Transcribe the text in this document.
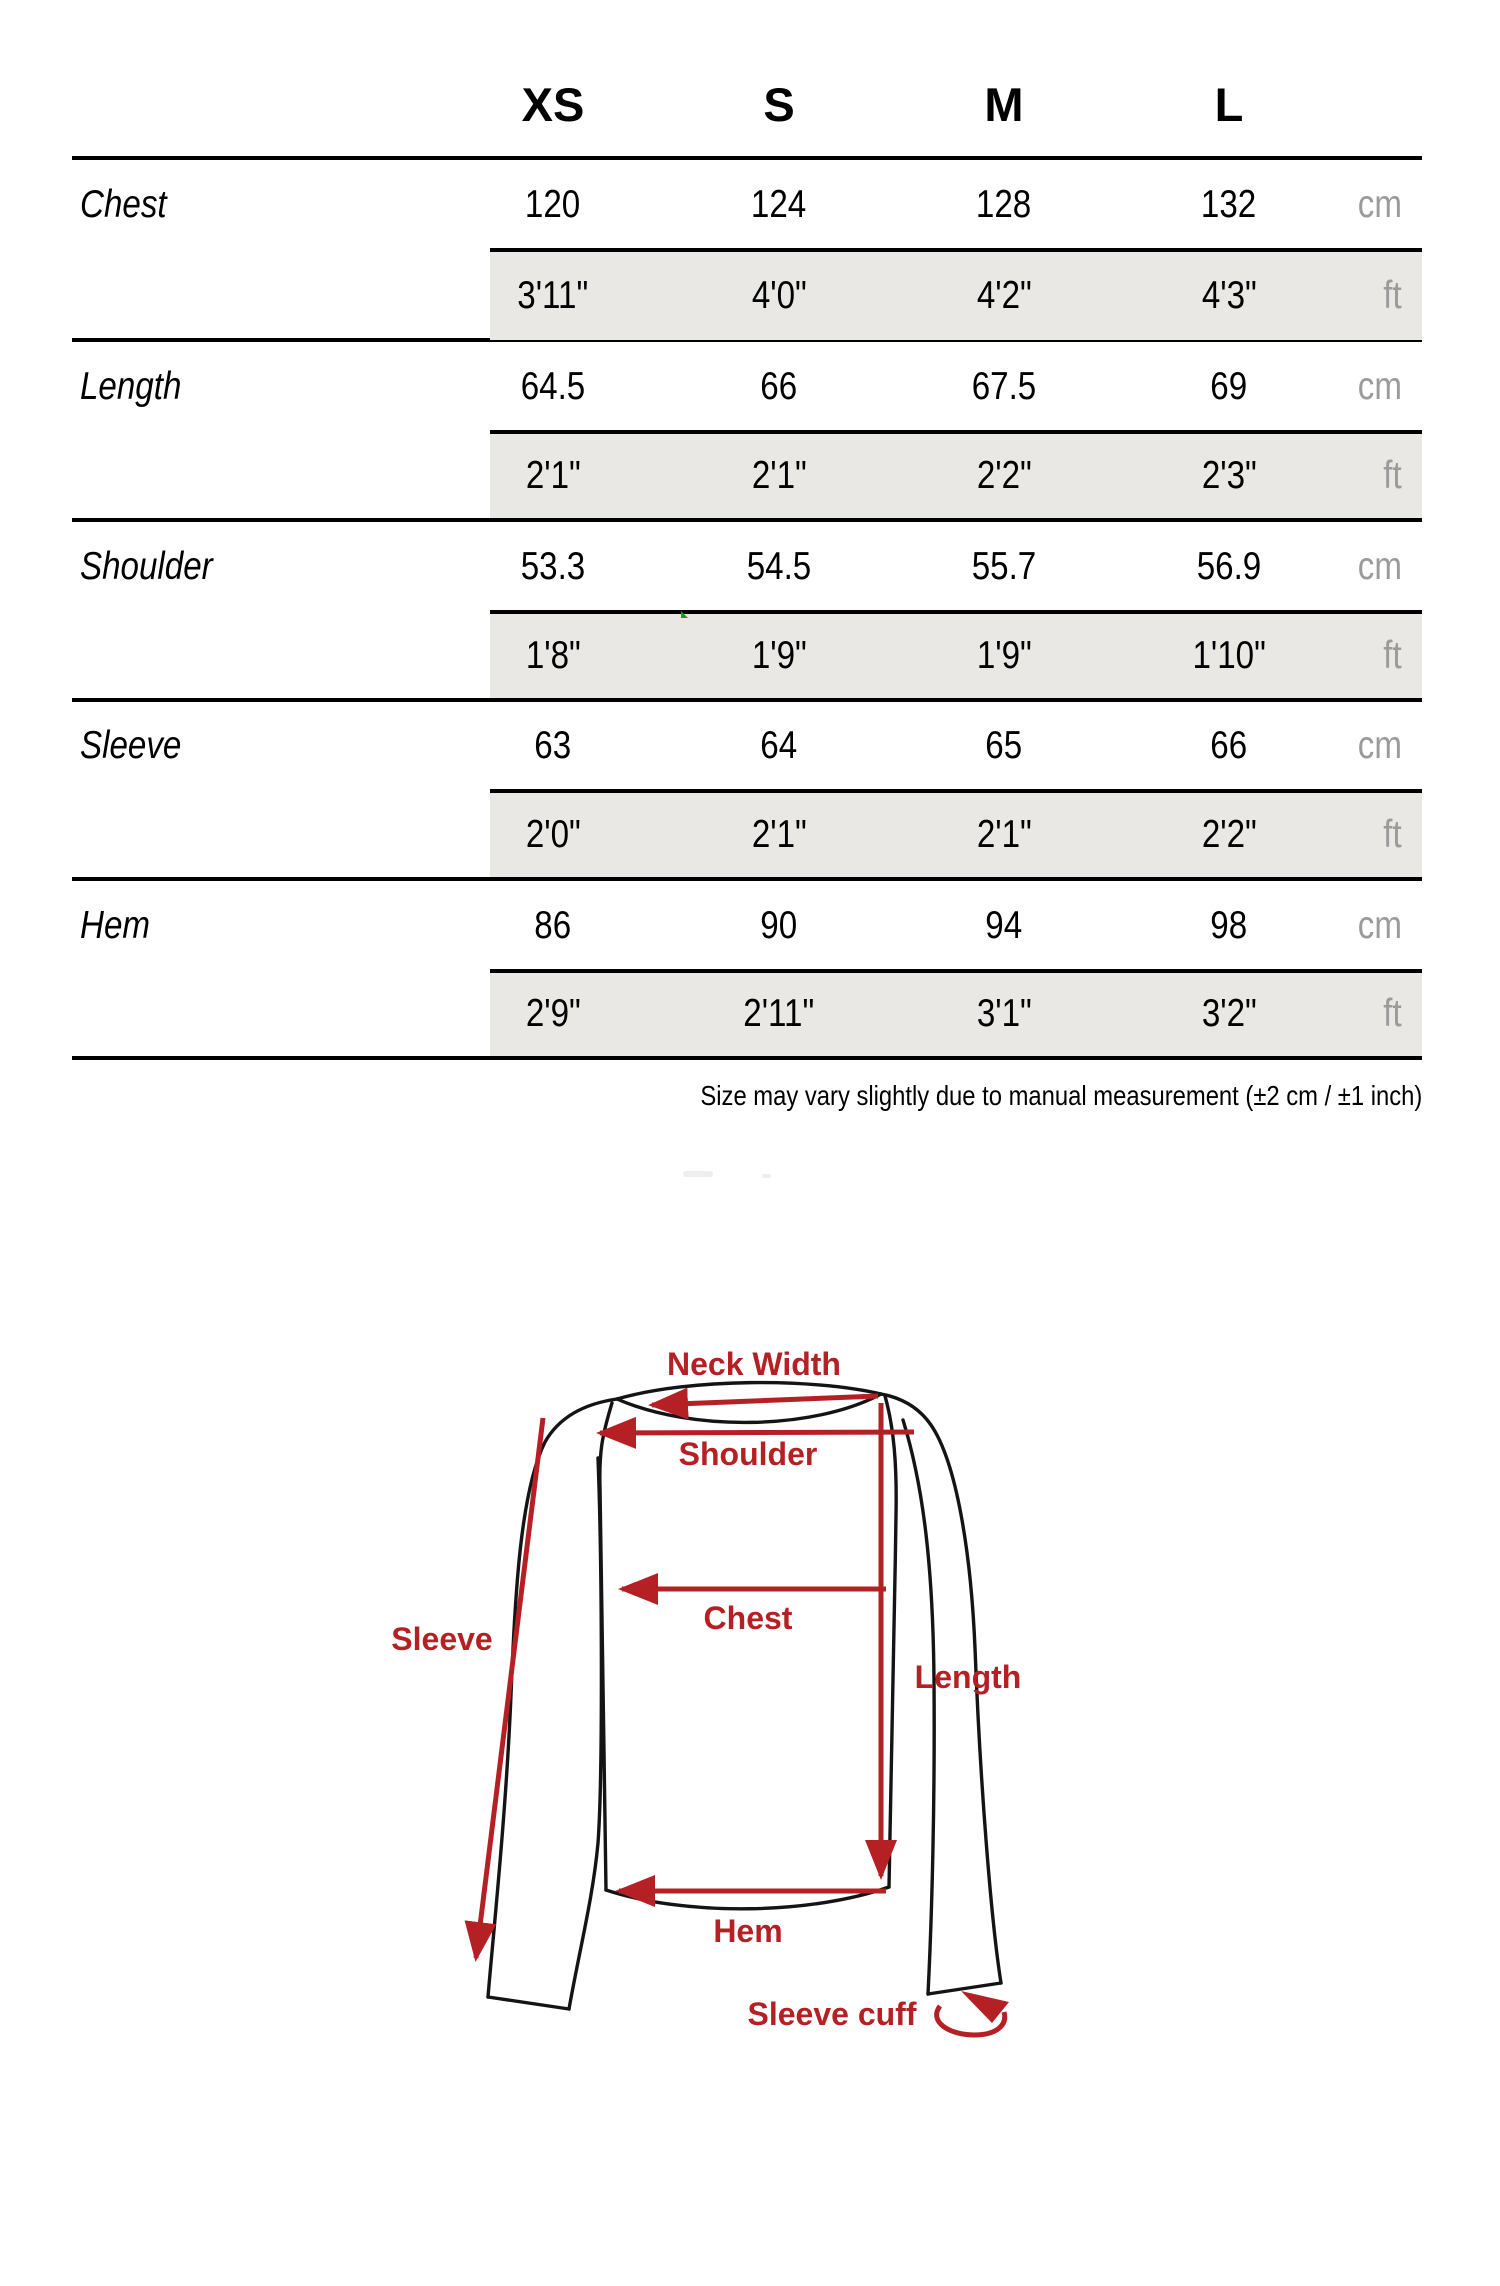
XS	S	M	L
Chest	120	124	128	132	cm
3'11"	4'0"	4'2"	4'3"	ft
Length	64.5	66	67.5	69	cm
2'1"	2'1"	2'2"	2'3"	ft
Shoulder	53.3	54.5	55.7	56.9 cm
1'8"	1'9"	1'9"	1'10"	ft
Sleeve	63	64	65	66	cm
2'0"	2'1"	2'1"	2'2"	ft
Hem	86	90	94	98	cm
2'9"	2'11"	3'1"	3'2"	ft
Size may vary slightly due to manual measurement (±2 cm / ±1 inch)
Neck Width
Shoulder
Chest
Length
Sleeve
Hem
Sleeve cuff
